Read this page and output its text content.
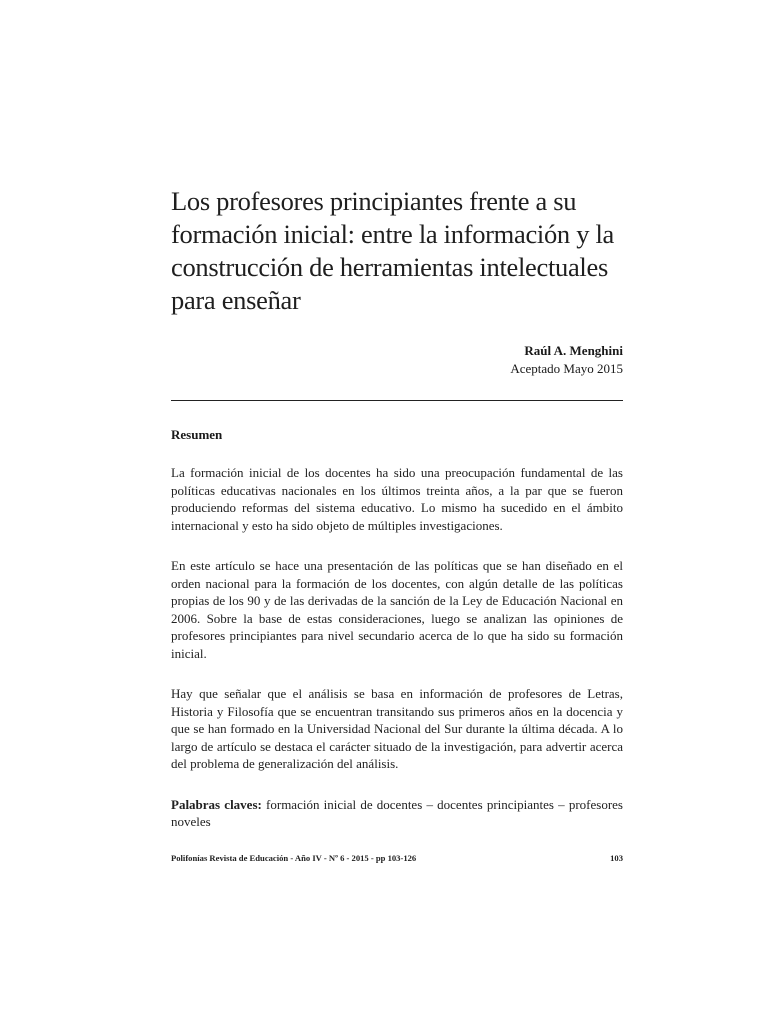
Los profesores principiantes frente a su
formación inicial: entre la información y la
construcción de herramientas intelectuales
para enseñar
Raúl A. Menghini
Aceptado Mayo 2015
Resumen

La formación inicial de los docentes ha sido una preocupación fundamental de las políticas educativas nacionales en los últimos treinta años, a la par que se fueron produciendo reformas del sistema educativo. Lo mismo ha sucedido en el ámbito internacional y esto ha sido objeto de múltiples investigaciones.

En este artículo se hace una presentación de las políticas que se han diseñado en el orden nacional para la formación de los docentes, con algún detalle de las políticas propias de los 90 y de las derivadas de la sanción de la Ley de Educación Nacional en 2006. Sobre la base de estas consideraciones, luego se analizan las opiniones de profesores principiantes para nivel secundario acerca de lo que ha sido su formación inicial.

Hay que señalar que el análisis se basa en información de profesores de Letras, Historia y Filosofía que se encuentran transitando sus primeros años en la docencia y que se han formado en la Universidad Nacional del Sur durante la última década. A lo largo de artículo se destaca el carácter situado de la investigación, para advertir acerca del problema de generalización del análisis.

Palabras claves: formación inicial de docentes – docentes principiantes – profesores noveles
Polifonías Revista de Educación - Año IV - Nº 6 - 2015 - pp 103-126	103
